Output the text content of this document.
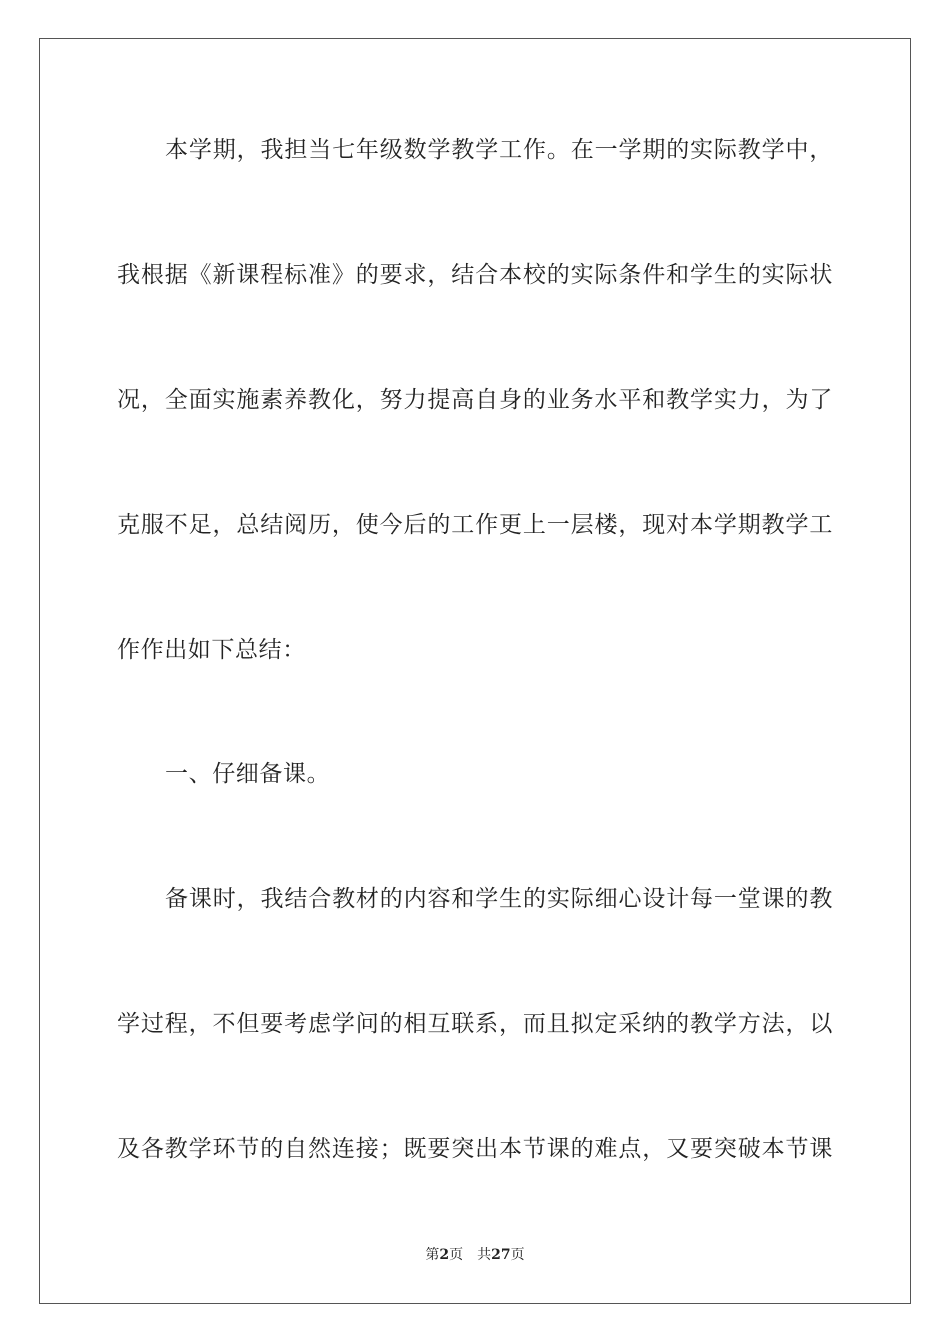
本学期，我担当七年级数学教学工作。在一学期的实际教学中，
我根据《新课程标准》的要求，结合本校的实际条件和学生的实际状
况，全面实施素养教化，努力提高自身的业务水平和教学实力，为了
克服不足，总结阅历，使今后的工作更上一层楼，现对本学期教学工
作作出如下总结：
一、仔细备课。
备课时，我结合教材的内容和学生的实际细心设计每一堂课的教
学过程，不但要考虑学问的相互联系，而且拟定采纳的教学方法，以
及各教学环节的自然连接；既要突出本节课的难点，又要突破本节课
第2页 共27页
